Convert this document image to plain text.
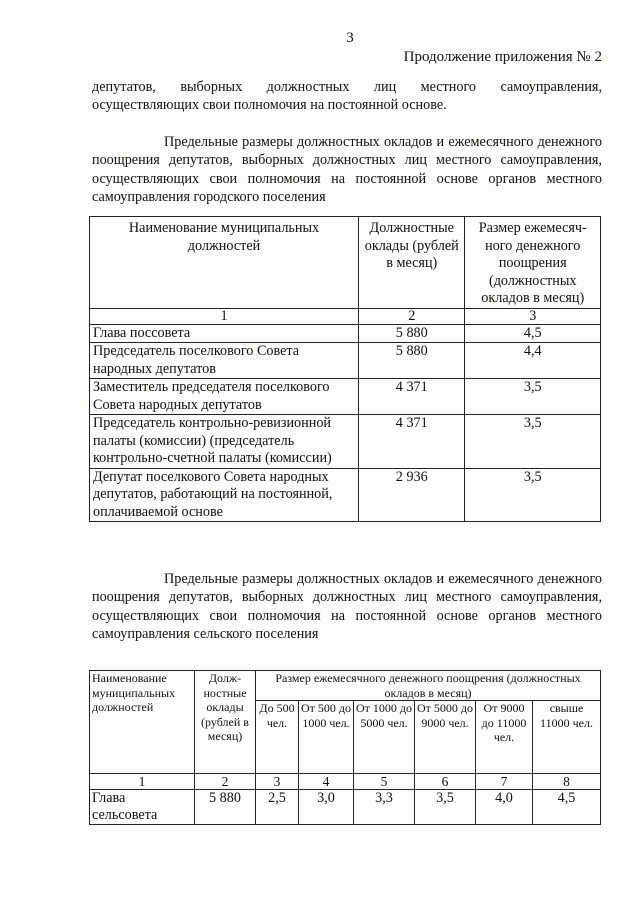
3
Продолжение приложения № 2
депутатов, выборных должностных лиц местного самоуправления, осуществляющих свои полномочия на постоянной основе.
Предельные размеры должностных окладов и ежемесячного денежного поощрения депутатов, выборных должностных лиц местного самоуправления, осуществляющих свои полномочия на постоянной основе органов местного самоуправления городского поселения
Наименование муниципальных должностей	Должностные оклады (рублей в месяц)	Размер ежемесяч-ного денежного поощрения (должностных окладов в месяц)
1	2	3
Глава поссовета	5 880	4,5
Председатель поселкового Совета народных депутатов	5 880	4,4
Заместитель председателя поселкового Совета народных депутатов	4 371	3,5
Председатель контрольно-ревизионной палаты (комиссии) (председатель контрольно-счетной палаты (комиссии)	4 371	3,5
Депутат поселкового Совета народных депутатов, работающий на постоянной, оплачиваемой основе	2 936	3,5
Предельные размеры должностных окладов и ежемесячного денежного поощрения депутатов, выборных должностных лиц местного самоуправления, осуществляющих свои полномочия на постоянной основе органов местного самоуправления сельского поселения
Наименование муниципальных должностей	Долж-ностные оклады (рублей в месяц)	Размер ежемесячного денежного поощрения (должностных окладов в месяц)					
		До 500 чел.	От 500 до 1000 чел.	От 1000 до 5000 чел.	От 5000 до 9000 чел.	От 9000 до 11000 чел.	свыше 11000 чел.
1	2	3	4	5	6	7	8
Глава сельсовета	5 880	2,5	3,0	3,3	3,5	4,0	4,5
